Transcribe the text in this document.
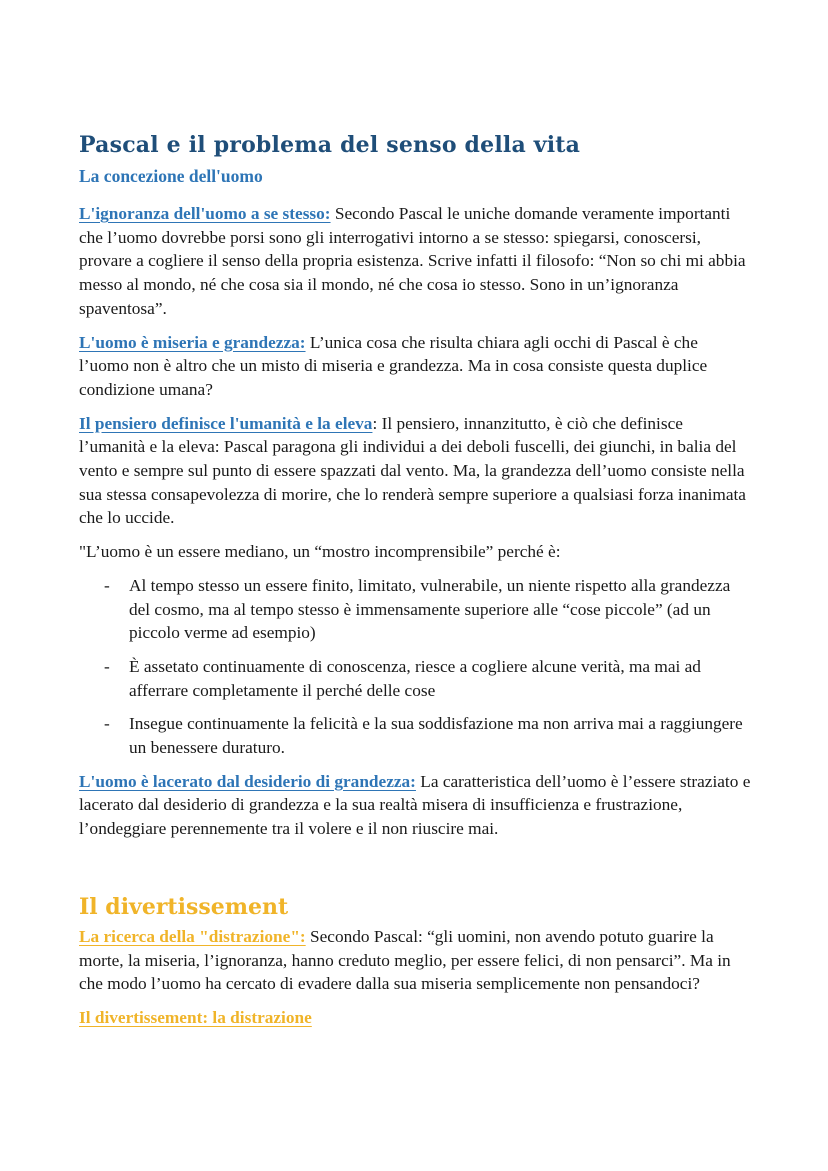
Pascal e il problema del senso della vita
La concezione dell'uomo

L'ignoranza dell'uomo a se stesso: Secondo Pascal le uniche domande veramente importanti che l’uomo dovrebbe porsi sono gli interrogativi intorno a se stesso: spiegarsi, conoscersi, provare a cogliere il senso della propria esistenza. Scrive infatti il filosofo: “Non so chi mi abbia messo al mondo, né che cosa sia il mondo, né che cosa io stesso. Sono in un’ignoranza spaventosa”.

L'uomo è miseria e grandezza: L’unica cosa che risulta chiara agli occhi di Pascal è che l’uomo non è altro che un misto di miseria e grandezza. Ma in cosa consiste questa duplice condizione umana?

Il pensiero definisce l'umanità e la eleva: Il pensiero, innanzitutto, è ciò che definisce l’umanità e la eleva: Pascal paragona gli individui a dei deboli fuscelli, dei giunchi, in balia del vento e sempre sul punto di essere spazzati dal vento. Ma, la grandezza dell’uomo consiste nella sua stessa consapevolezza di morire, che lo renderà sempre superiore a qualsiasi forza inanimata che lo uccide.

"L’uomo è un essere mediano, un “mostro incomprensibile” perché è:

- Al tempo stesso un essere finito, limitato, vulnerabile, un niente rispetto alla grandezza del cosmo, ma al tempo stesso è immensamente superiore alle “cose piccole” (ad un piccolo verme ad esempio)
- È assetato continuamente di conoscenza, riesce a cogliere alcune verità, ma mai ad afferrare completamente il perché delle cose
- Insegue continuamente la felicità e la sua soddisfazione ma non arriva mai a raggiungere un benessere duraturo.

L'uomo è lacerato dal desiderio di grandezza: La caratteristica dell’uomo è l’essere straziato e lacerato dal desiderio di grandezza e la sua realtà misera di insufficienza e frustrazione, l’ondeggiare perennemente tra il volere e il non riuscire mai.

Il divertissement

La ricerca della "distrazione": Secondo Pascal: “gli uomini, non avendo potuto guarire la morte, la miseria, l’ignoranza, hanno creduto meglio, per essere felici, di non pensarci”. Ma in che modo l’uomo ha cercato di evadere dalla sua miseria semplicemente non pensandoci?

Il divertissement: la distrazione
